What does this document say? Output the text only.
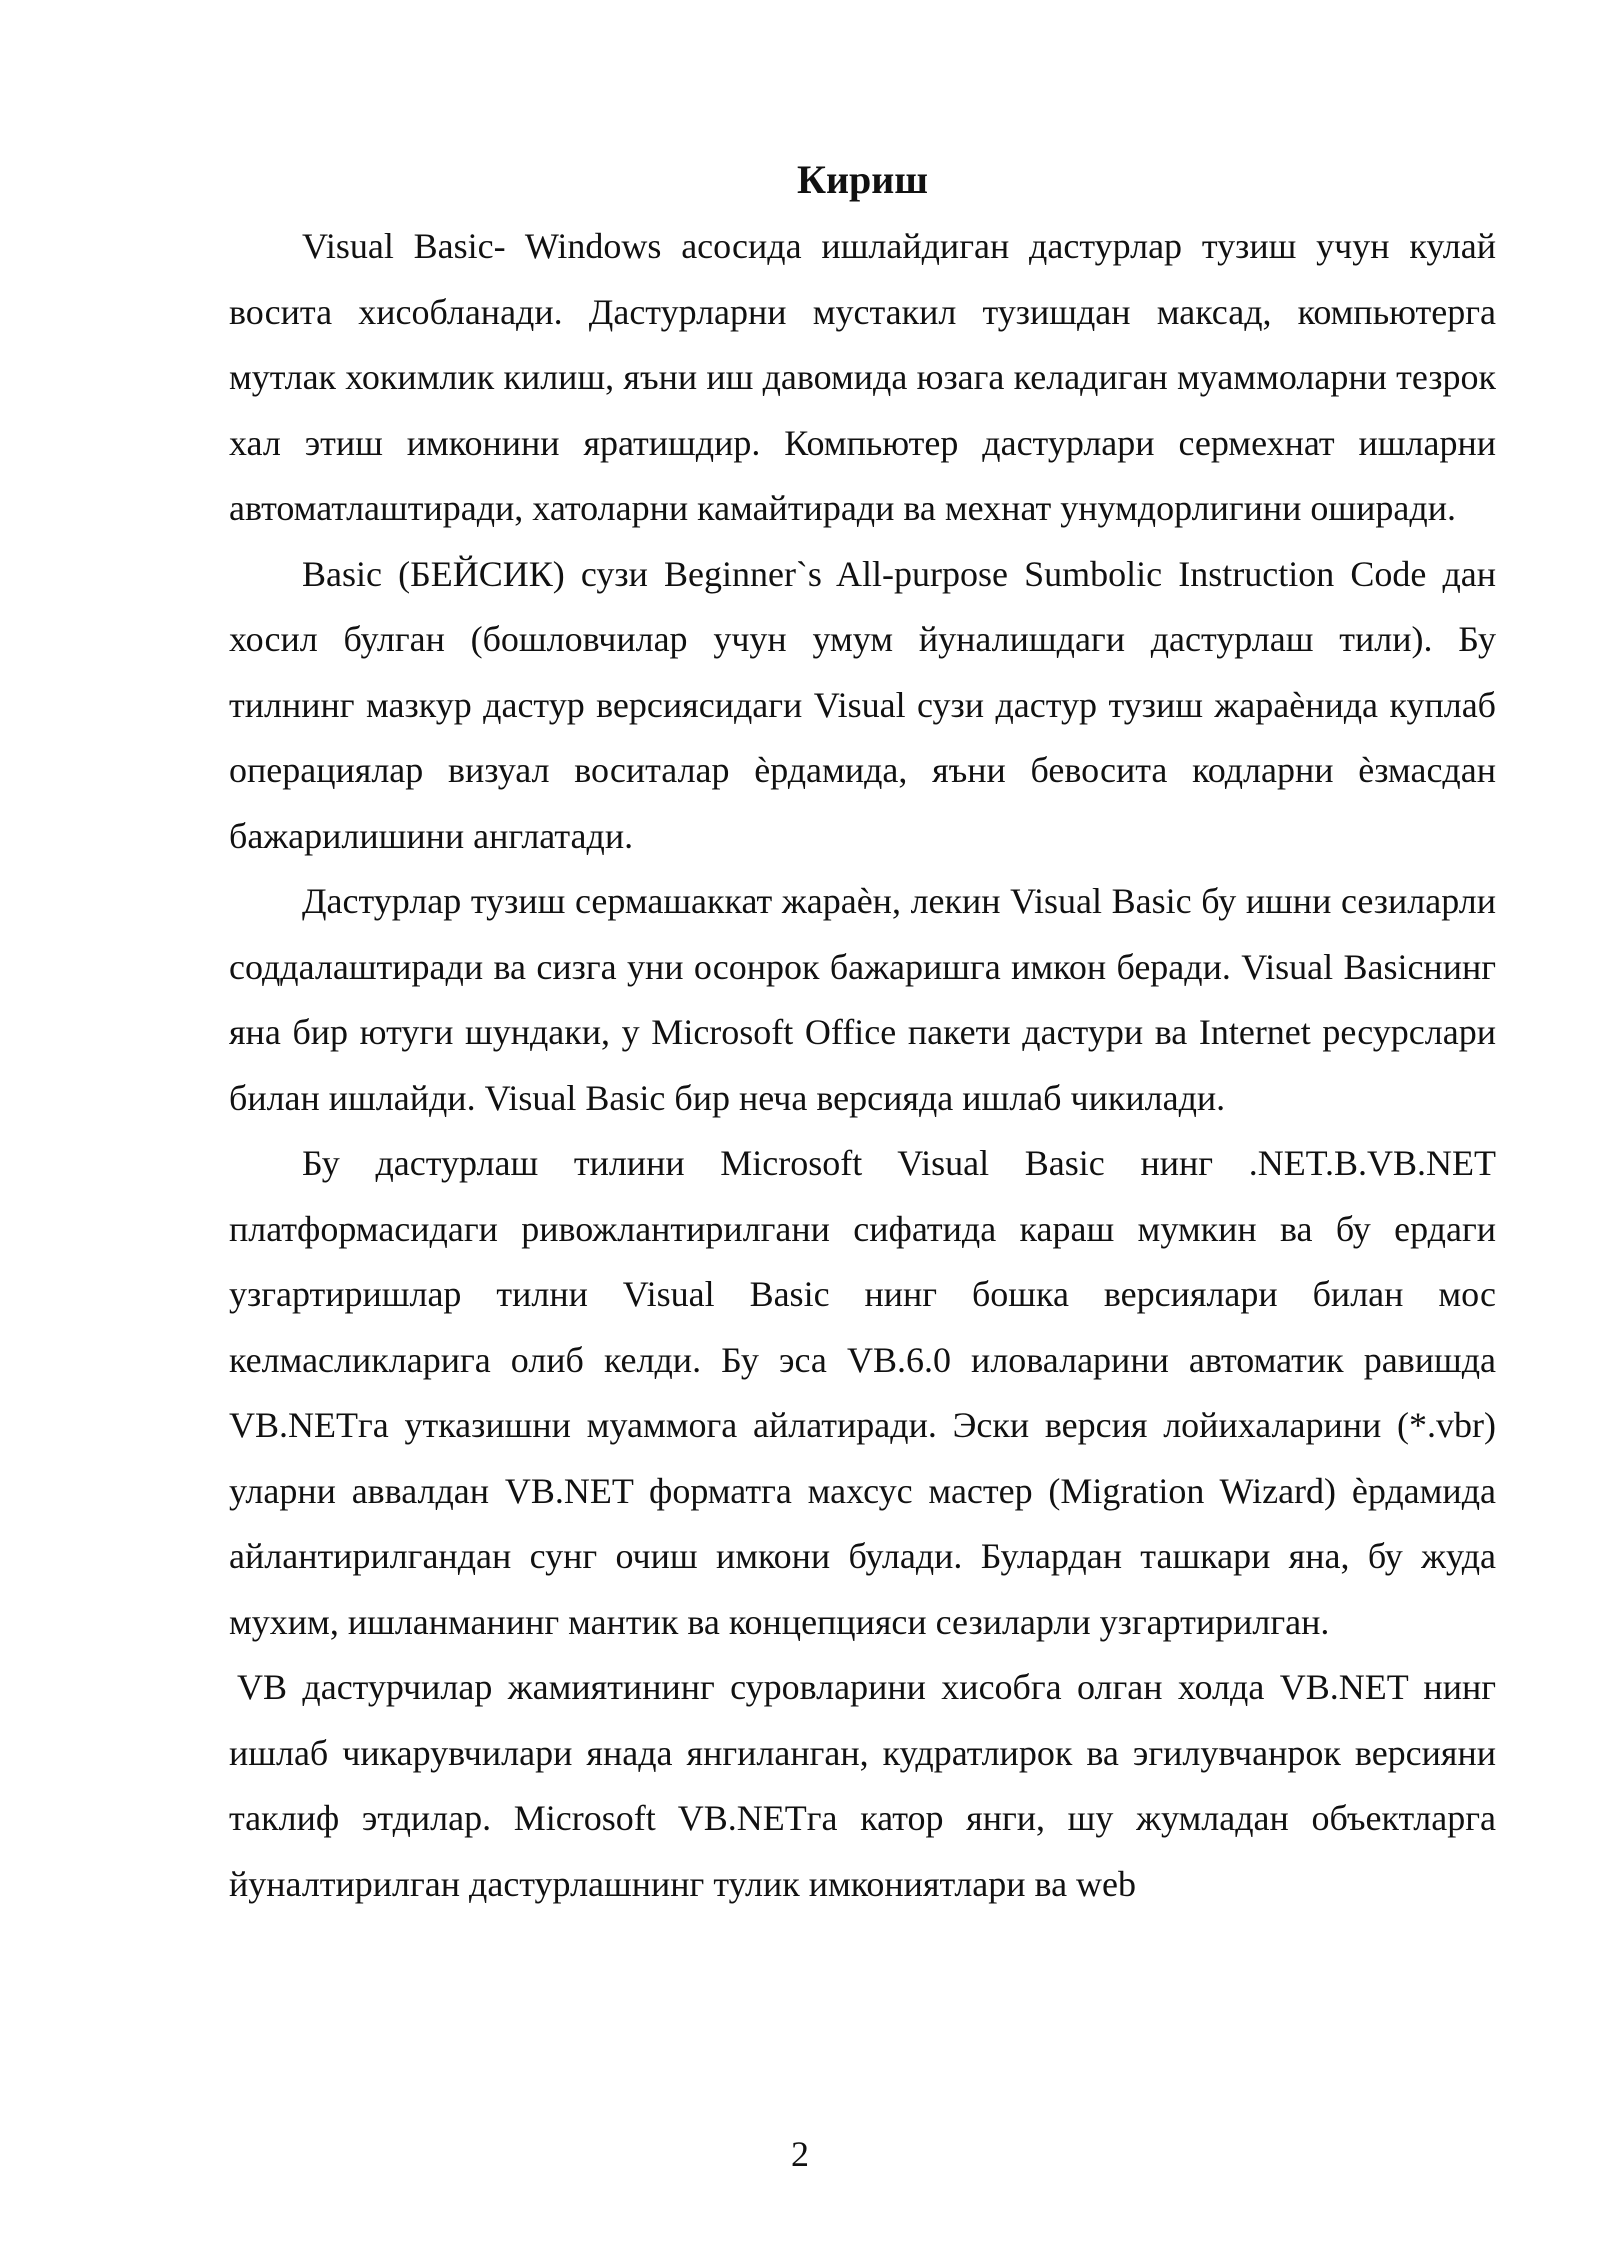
Кириш

Visual Basic- Windows асосида ишлайдиган дастурлар тузиш учун кулай восита хисобланади. Дастурларни мустакил тузишдан максад, компьютерга мутлак хокимлик килиш, яъни иш давомида юзага келадиган муаммоларни тезрок хал этиш имконини яратишдир. Компьютер дастурлари сермехнат ишларни автоматлаштиради, хатоларни камайтиради ва мехнат унумдорлигини оширади.

Basic (БЕЙСИК) сузи Beginner`s All-purpose Sumbolic Instruction Code дан хосил булган (бошловчилар учун умум йуналишдаги дастурлаш тили). Бу тилнинг мазкур дастур версиясидаги Visual сузи дастур тузиш жараѐнида куплаб операциялар визуал воситалар ѐрдамида, яъни бевосита кодларни ѐзмасдан бажарилишини англатади.

Дастурлар тузиш сермашаккат жараѐн, лекин Visual Basic бу ишни сезиларли соддалаштиради ва сизга уни осонрок бажаришга имкон беради. Visual Basicнинг яна бир ютуги шундаки, у Microsoft Office пакети дастури ва Internet ресурслари билан ишлайди. Visual Basic бир неча версияда ишлаб чикилади.

Бу дастурлаш тилини Microsoft Visual Basic нинг .NET.B.VB.NET платформасидаги ривожлантирилгани сифатида караш мумкин ва бу ердаги узгартиришлар тилни Visual Basic нинг бошка версиялари билан мос келмасликларига олиб келди. Бу эса VB.6.0 иловаларини автоматик равишда VB.NETга утказишни муаммога айлатиради. Эски версия лойихаларини (*.vbr) уларни аввалдан VB.NET форматга махсус мастер (Migration Wizard) ѐрдамида айлантирилгандан сунг очиш имкони булади. Булардан ташкари яна, бу жуда мухим, ишланманинг мантик ва концепцияси сезиларли узгартирилган.

VB дастурчилар жамиятининг суровларини хисобга олган холда VB.NET нинг ишлаб чикарувчилари янада янгиланган, кудратлирок ва эгилувчанрок версияни таклиф этдилар. Microsoft VB.NETга катор янги, шу жумладан объектларга йуналтирилган дастурлашнинг тулик имкониятлари ва web

2
